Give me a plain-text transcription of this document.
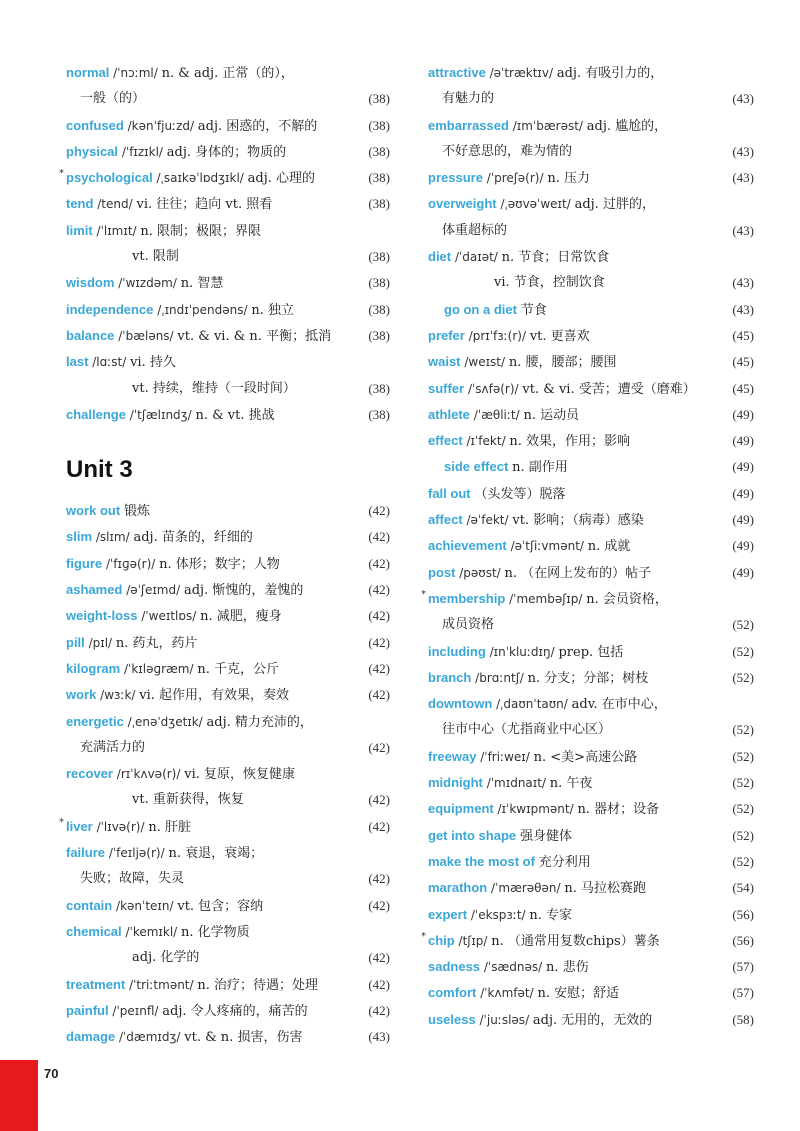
normal /ˈnɔːml/ n. & adj. 正常（的），
一般（的）	(38)
confused /kənˈfjuːzd/ adj. 困惑的，不解的	(38)
physical /ˈfɪzɪkl/ adj. 身体的；物质的	(38)
* psychological /ˌsaɪkəˈlɒdʒɪkl/ adj. 心理的	(38)
tend /tend/ vi. 往往；趋向 vt. 照看	(38)
limit /ˈlɪmɪt/ n. 限制；极限；界限
vt. 限制	(38)
wisdom /ˈwɪzdəm/ n. 智慧	(38)
independence /ˌɪndɪˈpendəns/ n. 独立	(38)
balance /ˈbæləns/ vt. & vi. & n. 平衡；抵消	(38)
last /lɑːst/ vi. 持久
vt. 持续，维持（一段时间）	(38)
challenge /ˈtʃælɪndʒ/ n. & vt. 挑战	(38)
Unit 3
work out 锻炼	(42)
slim /slɪm/ adj. 苗条的，纤细的	(42)
figure /ˈfɪɡə(r)/ n. 体形；数字；人物	(42)
ashamed /əˈʃeɪmd/ adj. 惭愧的，羞愧的	(42)
weight-loss /ˈweɪtlɒs/ n. 减肥，瘦身	(42)
pill /pɪl/ n. 药丸，药片	(42)
kilogram /ˈkɪləɡræm/ n. 千克，公斤	(42)
work /wɜːk/ vi. 起作用，有效果，奏效	(42)
energetic /ˌenəˈdʒetɪk/ adj. 精力充沛的，
充满活力的	(42)
recover /rɪˈkʌvə(r)/ vi. 复原，恢复健康
vt. 重新获得，恢复	(42)
* liver /ˈlɪvə(r)/ n. 肝脏	(42)
failure /ˈfeɪljə(r)/ n. 衰退，衰竭；
失败；故障，失灵	(42)
contain /kənˈteɪn/ vt. 包含；容纳	(42)
chemical /ˈkemɪkl/ n. 化学物质
adj. 化学的	(42)
treatment /ˈtriːtmənt/ n. 治疗；待遇；处理	(42)
painful /ˈpeɪnfl/ adj. 令人疼痛的，痛苦的	(42)
damage /ˈdæmɪdʒ/ vt. & n. 损害，伤害	(43)
attractive /əˈtræktɪv/ adj. 有吸引力的，
有魅力的	(43)
embarrassed /ɪmˈbærəst/ adj. 尴尬的，
不好意思的，难为情的	(43)
pressure /ˈpreʃə(r)/ n. 压力	(43)
overweight /ˌəʊvəˈweɪt/ adj. 过胖的，
体重超标的	(43)
diet /ˈdaɪət/ n. 节食；日常饮食
vi. 节食，控制饮食	(43)
go on a diet 节食	(43)
prefer /prɪˈfɜː(r)/ vt. 更喜欢	(45)
waist /weɪst/ n. 腰，腰部；腰围	(45)
suffer /ˈsʌfə(r)/ vt. & vi. 受苦；遭受（磨难）	(45)
athlete /ˈæθliːt/ n. 运动员	(49)
effect /ɪˈfekt/ n. 效果，作用；影响	(49)
side effect n. 副作用	(49)
fall out （头发等）脱落	(49)
affect /əˈfekt/ vt. 影响；（病毒）感染	(49)
achievement /əˈtʃiːvmənt/ n. 成就	(49)
post /pəʊst/ n. （在网上发布的）帖子	(49)
* membership /ˈmembəʃɪp/ n. 会员资格，
成员资格	(52)
including /ɪnˈkluːdɪŋ/ prep. 包括	(52)
branch /brɑːntʃ/ n. 分支；分部；树枝	(52)
downtown /ˌdaʊnˈtaʊn/ adv. 在市中心，
往市中心（尤指商业中心区）	(52)
freeway /ˈfriːweɪ/ n. <美>高速公路	(52)
midnight /ˈmɪdnaɪt/ n. 午夜	(52)
equipment /ɪˈkwɪpmənt/ n. 器材；设备	(52)
get into shape 强身健体	(52)
make the most of 充分利用	(52)
marathon /ˈmærəθən/ n. 马拉松赛跑	(54)
expert /ˈekspɜːt/ n. 专家	(56)
* chip /tʃɪp/ n. （通常用复数chips）薯条	(56)
sadness /ˈsædnəs/ n. 悲伤	(57)
comfort /ˈkʌmfət/ n. 安慰；舒适	(57)
useless /ˈjuːsləs/ adj. 无用的，无效的	(58)
70
